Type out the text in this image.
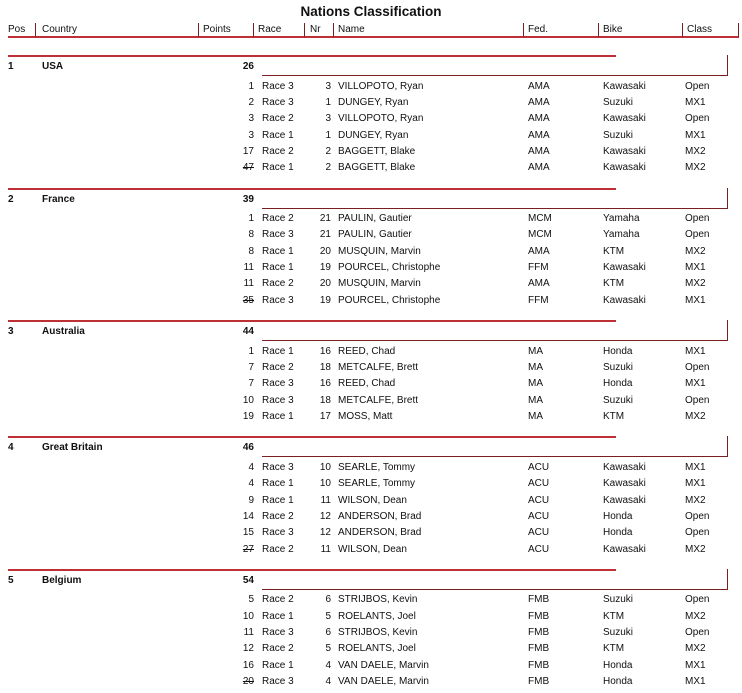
Nations Classification
Pos	Country	Points	Race	Nr	Name	Fed.	Bike	Class
1	USA	26
1 Race 3	3 VILLOPOTO, Ryan	AMA	Kawasaki	Open
2 Race 3	1 DUNGEY, Ryan	AMA	Suzuki	MX1
3 Race 2	3 VILLOPOTO, Ryan	AMA	Kawasaki	Open
3 Race 1	1 DUNGEY, Ryan	AMA	Suzuki	MX1
17 Race 2	2 BAGGETT, Blake	AMA	Kawasaki	MX2
47 Race 1	2 BAGGETT, Blake	AMA	Kawasaki	MX2
2	France	39
1 Race 2	21 PAULIN, Gautier	MCM	Yamaha	Open
8 Race 3	21 PAULIN, Gautier	MCM	Yamaha	Open
8 Race 1	20 MUSQUIN, Marvin	AMA	KTM	MX2
11 Race 1	19 POURCEL, Christophe	FFM	Kawasaki	MX1
11 Race 2	20 MUSQUIN, Marvin	AMA	KTM	MX2
35 Race 3	19 POURCEL, Christophe	FFM	Kawasaki	MX1
3	Australia	44
1 Race 1	16 REED, Chad	MA	Honda	MX1
7 Race 2	18 METCALFE, Brett	MA	Suzuki	Open
7 Race 3	16 REED, Chad	MA	Honda	MX1
10 Race 3	18 METCALFE, Brett	MA	Suzuki	Open
19 Race 1	17 MOSS, Matt	MA	KTM	MX2
4	Great Britain	46
4 Race 3	10 SEARLE, Tommy	ACU	Kawasaki	MX1
4 Race 1	10 SEARLE, Tommy	ACU	Kawasaki	MX1
9 Race 1	11 WILSON, Dean	ACU	Kawasaki	MX2
14 Race 2	12 ANDERSON, Brad	ACU	Honda	Open
15 Race 3	12 ANDERSON, Brad	ACU	Honda	Open
27 Race 2	11 WILSON, Dean	ACU	Kawasaki	MX2
5	Belgium	54
5 Race 2	6 STRIJBOS, Kevin	FMB	Suzuki	Open
10 Race 1	5 ROELANTS, Joel	FMB	KTM	MX2
11 Race 3	6 STRIJBOS, Kevin	FMB	Suzuki	Open
12 Race 2	5 ROELANTS, Joel	FMB	KTM	MX2
16 Race 1	4 VAN DAELE, Marvin	FMB	Honda	MX1
20 Race 3	4 VAN DAELE, Marvin	FMB	Honda	MX1
